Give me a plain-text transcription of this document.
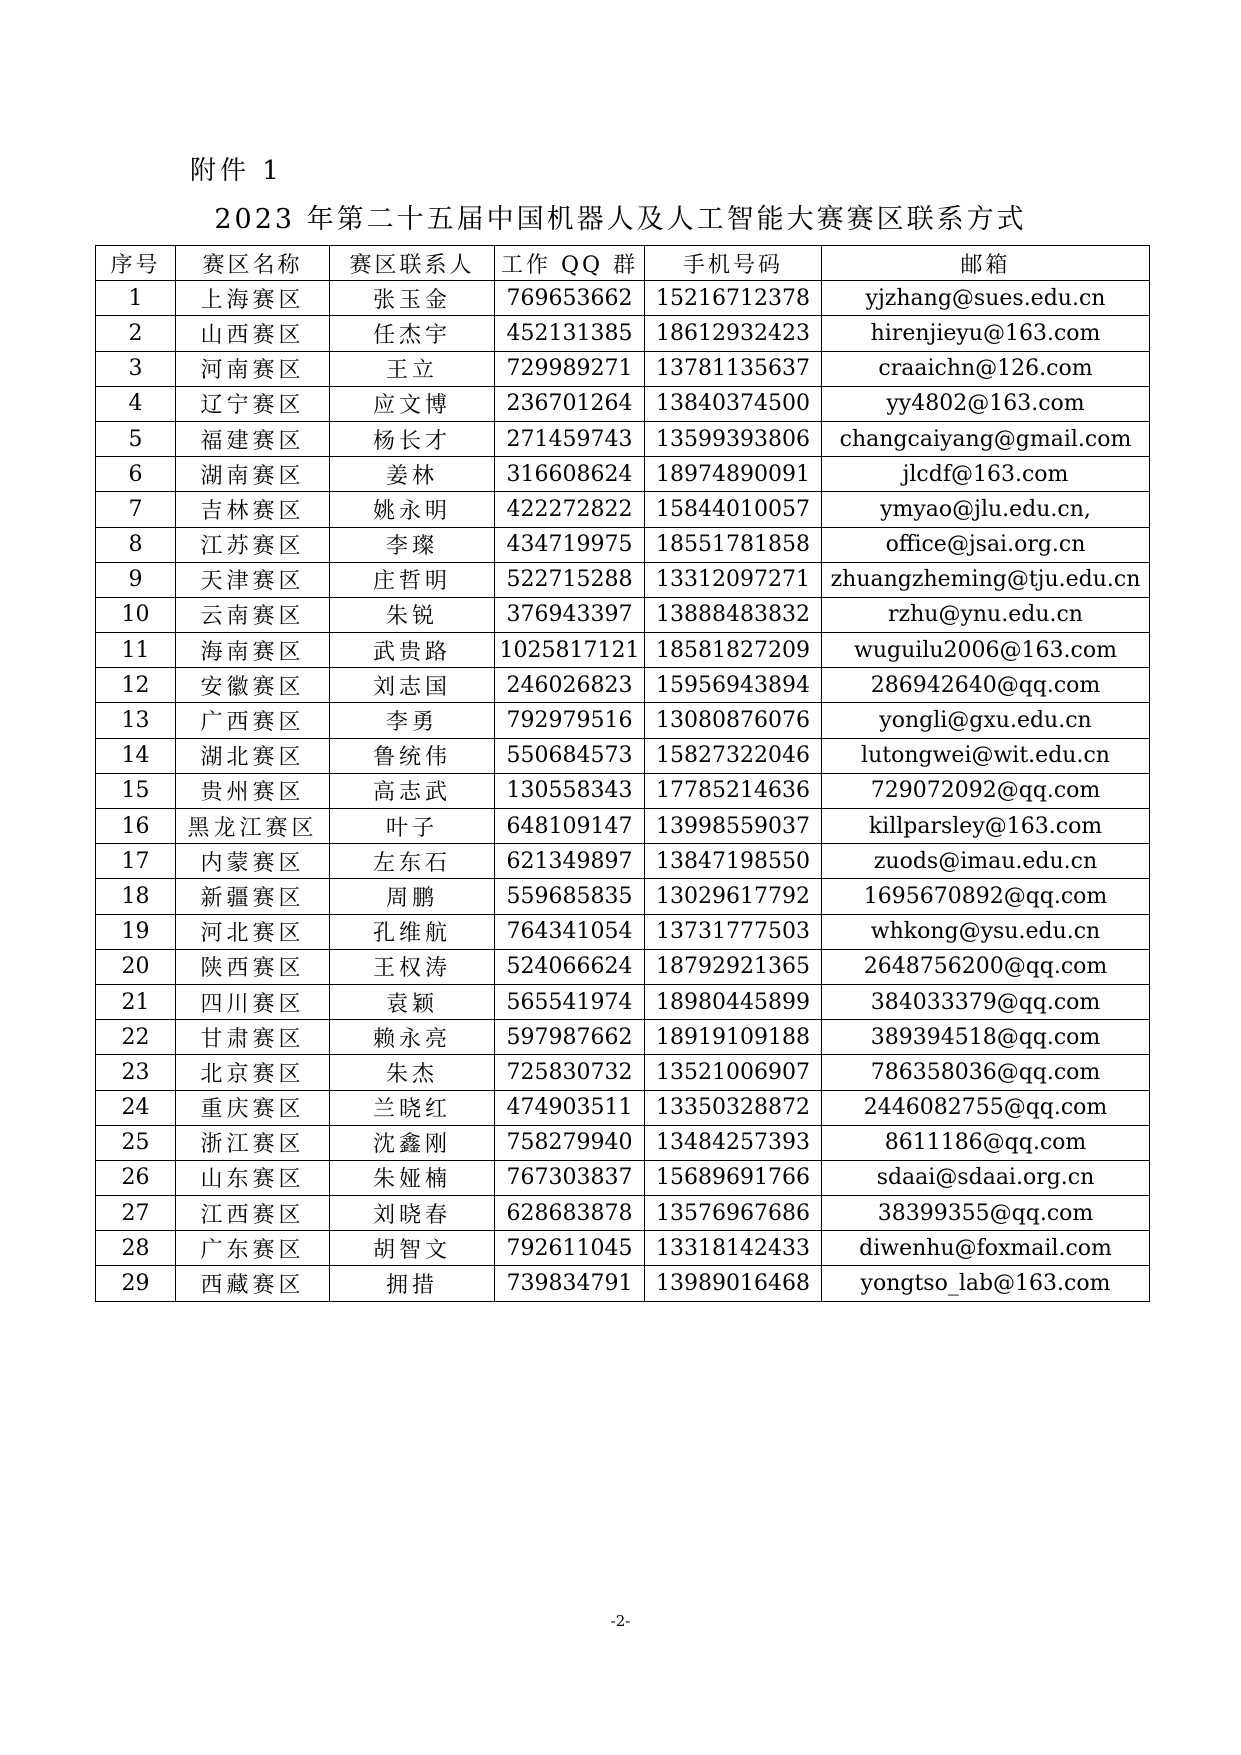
附件 1
2023 年第二十五届中国机器人及人工智能大赛赛区联系方式
序号	赛区名称	赛区联系人	工作 QQ 群	手机号码	邮箱
1	上海赛区	张玉金	769653662	15216712378	yjzhang@sues.edu.cn
2	山西赛区	任杰宇	452131385	18612932423	hirenjieyu@163.com
3	河南赛区	王立	729989271	13781135637	craaichn@126.com
4	辽宁赛区	应文博	236701264	13840374500	yy4802@163.com
5	福建赛区	杨长才	271459743	13599393806	changcaiyang@gmail.com
6	湖南赛区	姜林	316608624	18974890091	jlcdf@163.com
7	吉林赛区	姚永明	422272822	15844010057	ymyao@jlu.edu.cn,
8	江苏赛区	李璨	434719975	18551781858	office@jsai.org.cn
9	天津赛区	庄哲明	522715288	13312097271	zhuangzheming@tju.edu.cn
10	云南赛区	朱锐	376943397	13888483832	rzhu@ynu.edu.cn
11	海南赛区	武贵路	1025817121	18581827209	wuguilu2006@163.com
12	安徽赛区	刘志国	246026823	15956943894	286942640@qq.com
13	广西赛区	李勇	792979516	13080876076	yongli@gxu.edu.cn
14	湖北赛区	鲁统伟	550684573	15827322046	lutongwei@wit.edu.cn
15	贵州赛区	高志武	130558343	17785214636	729072092@qq.com
16	黑龙江赛区	叶子	648109147	13998559037	killparsley@163.com
17	内蒙赛区	左东石	621349897	13847198550	zuods@imau.edu.cn
18	新疆赛区	周鹏	559685835	13029617792	1695670892@qq.com
19	河北赛区	孔维航	764341054	13731777503	whkong@ysu.edu.cn
20	陕西赛区	王权涛	524066624	18792921365	2648756200@qq.com
21	四川赛区	袁颖	565541974	18980445899	384033379@qq.com
22	甘肃赛区	赖永亮	597987662	18919109188	389394518@qq.com
23	北京赛区	朱杰	725830732	13521006907	786358036@qq.com
24	重庆赛区	兰晓红	474903511	13350328872	2446082755@qq.com
25	浙江赛区	沈鑫刚	758279940	13484257393	8611186@qq.com
26	山东赛区	朱娅楠	767303837	15689691766	sdaai@sdaai.org.cn
27	江西赛区	刘晓春	628683878	13576967686	38399355@qq.com
28	广东赛区	胡智文	792611045	13318142433	diwenhu@foxmail.com
29	西藏赛区	拥措	739834791	13989016468	yongtso_lab@163.com
-2-
